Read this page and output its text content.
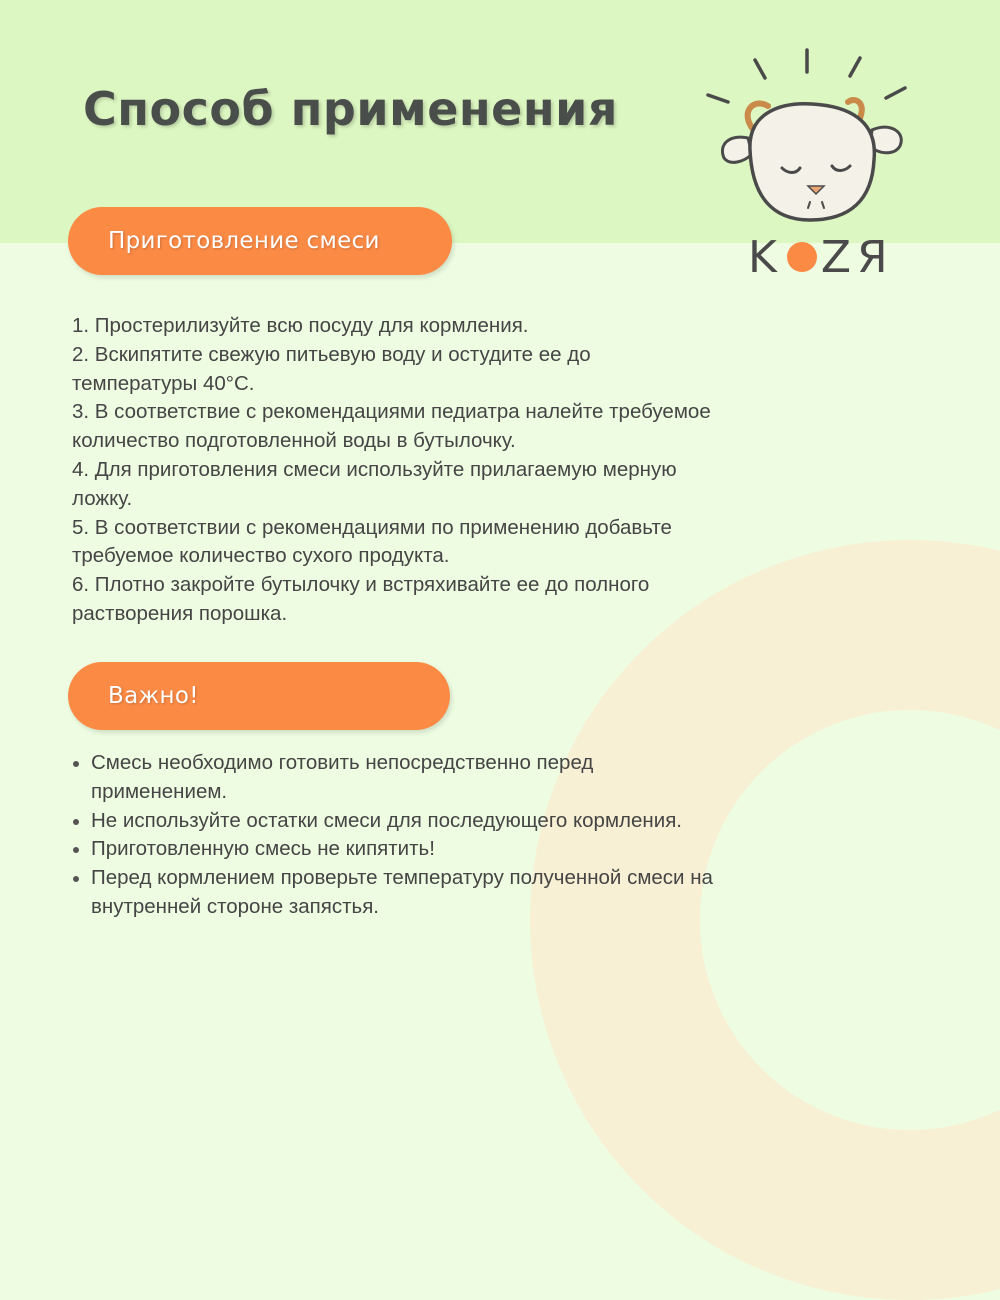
Способ применения
Приготовление смеси
1. Простерилизуйте всю посуду для кормления.
2. Вскипятите свежую питьевую воду и остудите ее до
температуры 40°С.
3. В соответствие с рекомендациями педиатра налейте требуемое
количество подготовленной воды в бутылочку.
4. Для приготовления смеси используйте прилагаемую мерную
ложку.
5. В соответствии с рекомендациями по применению добавьте
требуемое количество сухого продукта.
6. Плотно закройте бутылочку и встряхивайте ее до полного
растворения порошка.
Важно!
Смесь необходимо готовить непосредственно перед
применением.
Не используйте остатки смеси для последующего кормления.
Приготовленную смесь не кипятить!
Перед кормлением проверьте температуру полученной смеси на
внутренней стороне запястья.
K ZЯ
